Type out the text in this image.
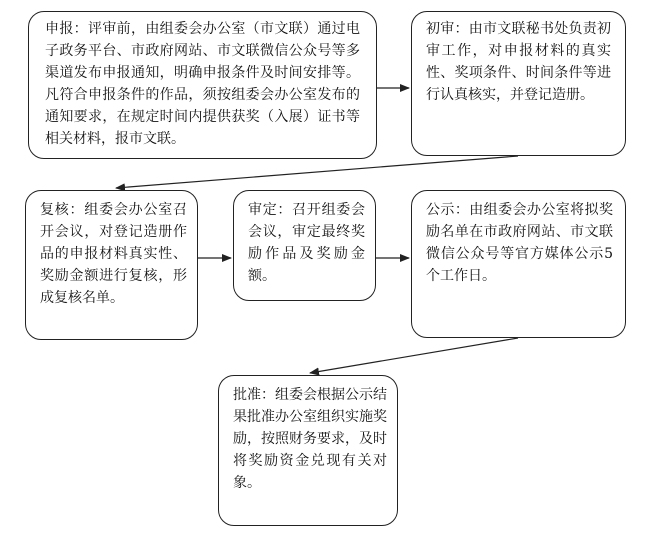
申报：评审前，由组委会办公室（市文联）通过电子政务平台、市政府网站、市文联微信公众号等多渠道发布申报通知，明确申报条件及时间安排等。凡符合申报条件的作品，须按组委会办公室发布的通知要求，在规定时间内提供获奖（入展）证书等相关材料，报市文联。
初审：由市文联秘书处负责初审工作，对申报材料的真实性、奖项条件、时间条件等进行认真核实，并登记造册。
复核：组委会办公室召开会议，对登记造册作品的申报材料真实性、奖励金额进行复核，形成复核名单。
审定：召开组委会会议，审定最终奖励作品及奖励金额。
公示：由组委会办公室将拟奖励名单在市政府网站、市文联微信公众号等官方媒体公示5个工作日。
批准：组委会根据公示结果批准办公室组织实施奖励，按照财务要求，及时将奖励资金兑现有关对象。
